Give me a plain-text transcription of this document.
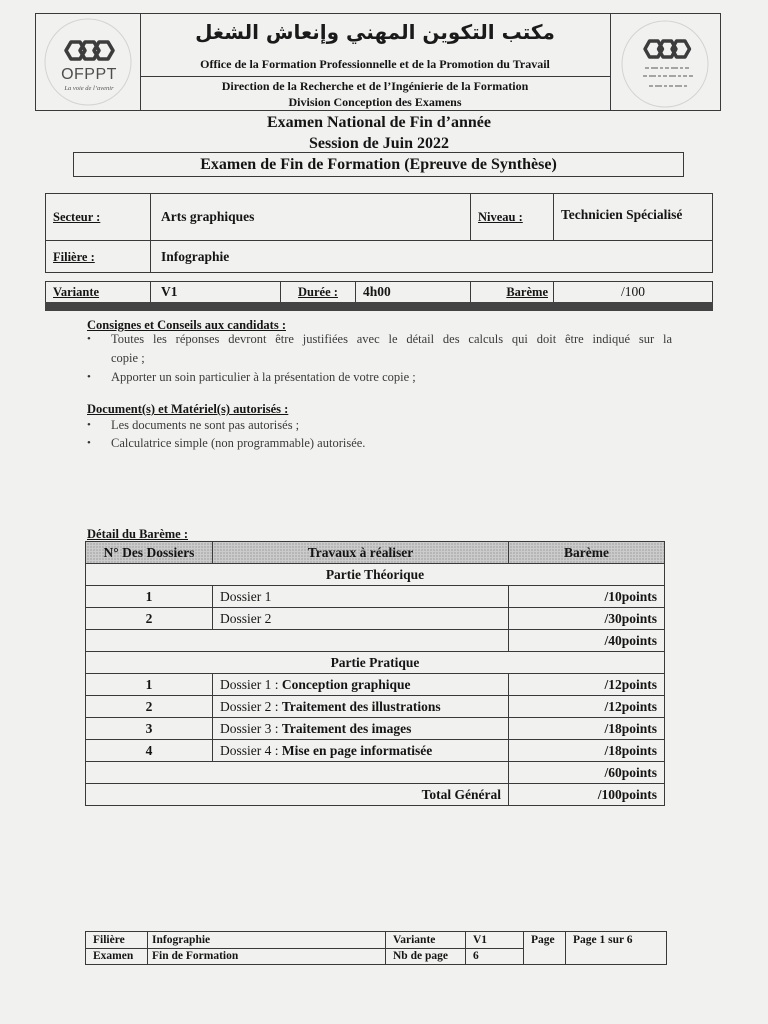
OFPPT
La voie de l’avenir
مكتب التكوين المهني وإنعاش الشغل
Office de la Formation Professionnelle et de la Promotion du Travail
Direction de la Recherche et de l’Ingénierie de la Formation
Division Conception des Examens
Examen National de Fin d’année
Session de Juin 2022
Examen de Fin de Formation (Epreuve de Synthèse)
Secteur :	Arts graphiques	Niveau :	Technicien Spécialisé
Filière :	Infographie		
Variante	V1	Durée :	4h00	Barème	/100
Consignes et Conseils aux candidats :
•
Toutes les réponses devront être justifiées avec le détail des calculs qui doit être indiqué sur la
copie ;
•
Apporter un soin particulier à la présentation de votre copie ;
Document(s) et Matériel(s) autorisés :
•
Les documents ne sont pas autorisés ;
•
Calculatrice simple (non programmable) autorisée.
Détail du Barème :
N° Des Dossiers	Travaux à réaliser	Barème
Partie Théorique		
1	Dossier 1	/10points
2	Dossier 2	/30points
		/40points
Partie Pratique		
1	Dossier 1 : Conception graphique	/12points
2	Dossier 2 : Traitement des illustrations	/12points
3	Dossier 3 : Traitement des images	/18points
4	Dossier 4 : Mise en page informatisée	/18points
		/60points
Total Général		/100points
Filière	Infographie	Variante	V1	Page	Page 1 sur 6
Examen	Fin de Formation	Nb de page	6		
